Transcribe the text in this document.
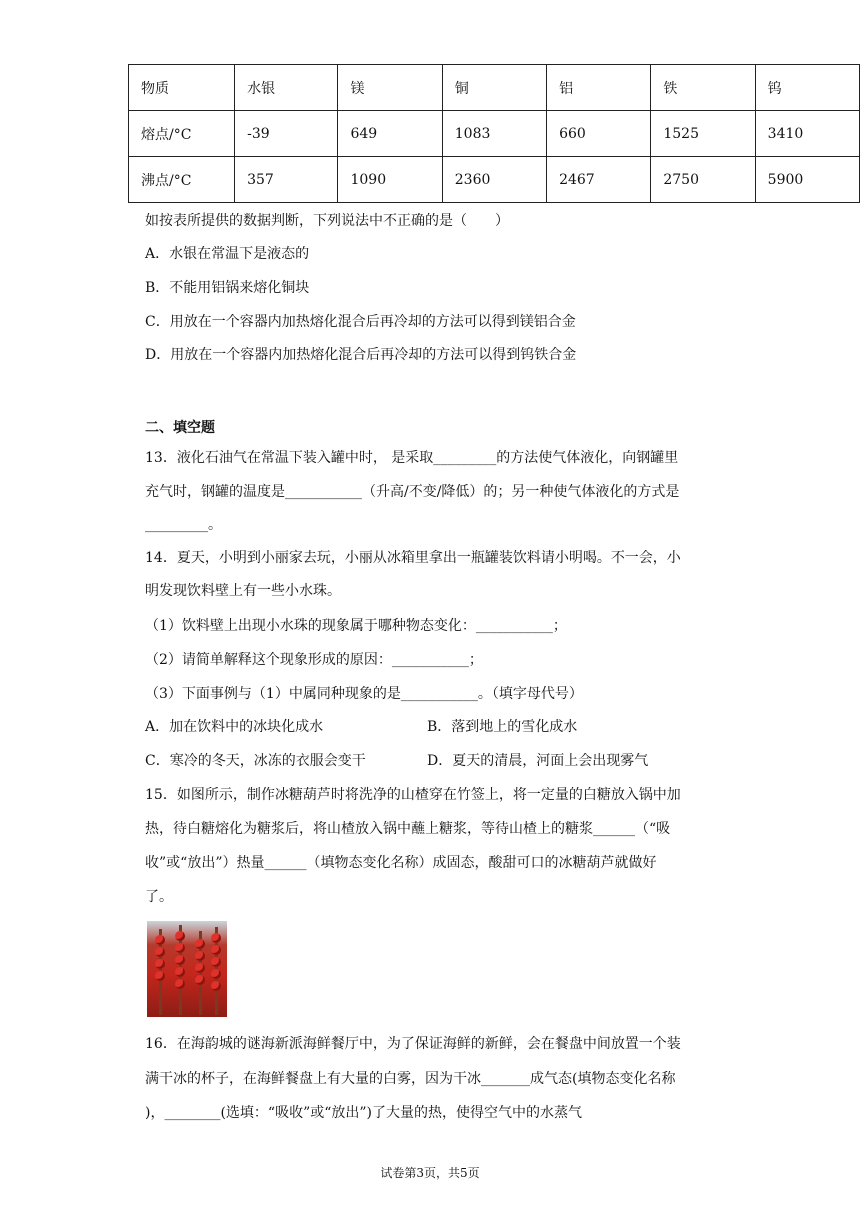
物质	水银	镁	铜	铝	铁	钨
熔点/°C	-39	649	1083	660	1525	3410
沸点/°C	357	1090	2360	2467	2750	5900
如按表所提供的数据判断，下列说法中不正确的是（　　）
A．水银在常温下是液态的
B．不能用铝锅来熔化铜块
C．用放在一个容器内加热熔化混合后再冷却的方法可以得到镁铝合金
D．用放在一个容器内加热熔化混合后再冷却的方法可以得到钨铁合金
二、填空题
13．液化石油气在常温下装入罐中时， 是采取_________的方法使气体液化，向钢罐里
充气时，钢罐的温度是___________（升高/不变/降低）的；另一种使气体液化的方式是
_________。
14．夏天，小明到小丽家去玩，小丽从冰箱里拿出一瓶罐装饮料请小明喝。不一会，小
明发现饮料壁上有一些小水珠。
（1）饮料壁上出现小水珠的现象属于哪种物态变化：___________；
（2）请简单解释这个现象形成的原因：___________；
（3）下面事例与（1）中属同种现象的是___________。（填字母代号）
A．加在饮料中的冰块化成水	B．落到地上的雪化成水
C．寒冷的冬天，冰冻的衣服会变干	D．夏天的清晨，河面上会出现雾气
15．如图所示，制作冰糖葫芦时将洗净的山楂穿在竹签上，将一定量的白糖放入锅中加
热，待白糖熔化为糖浆后，将山楂放入锅中蘸上糖浆，等待山楂上的糖浆______（“吸
收”或“放出”）热量______（填物态变化名称）成固态，酸甜可口的冰糖葫芦就做好
了。
16．在海韵城的谜海新派海鲜餐厅中，为了保证海鲜的新鲜，会在餐盘中间放置一个装
满干冰的杯子，在海鲜餐盘上有大量的白雾，因为干冰_______成气态(填物态变化名称
)，________(选填：“吸收”或“放出”)了大量的热，使得空气中的水蒸气
试卷第3页，共5页
